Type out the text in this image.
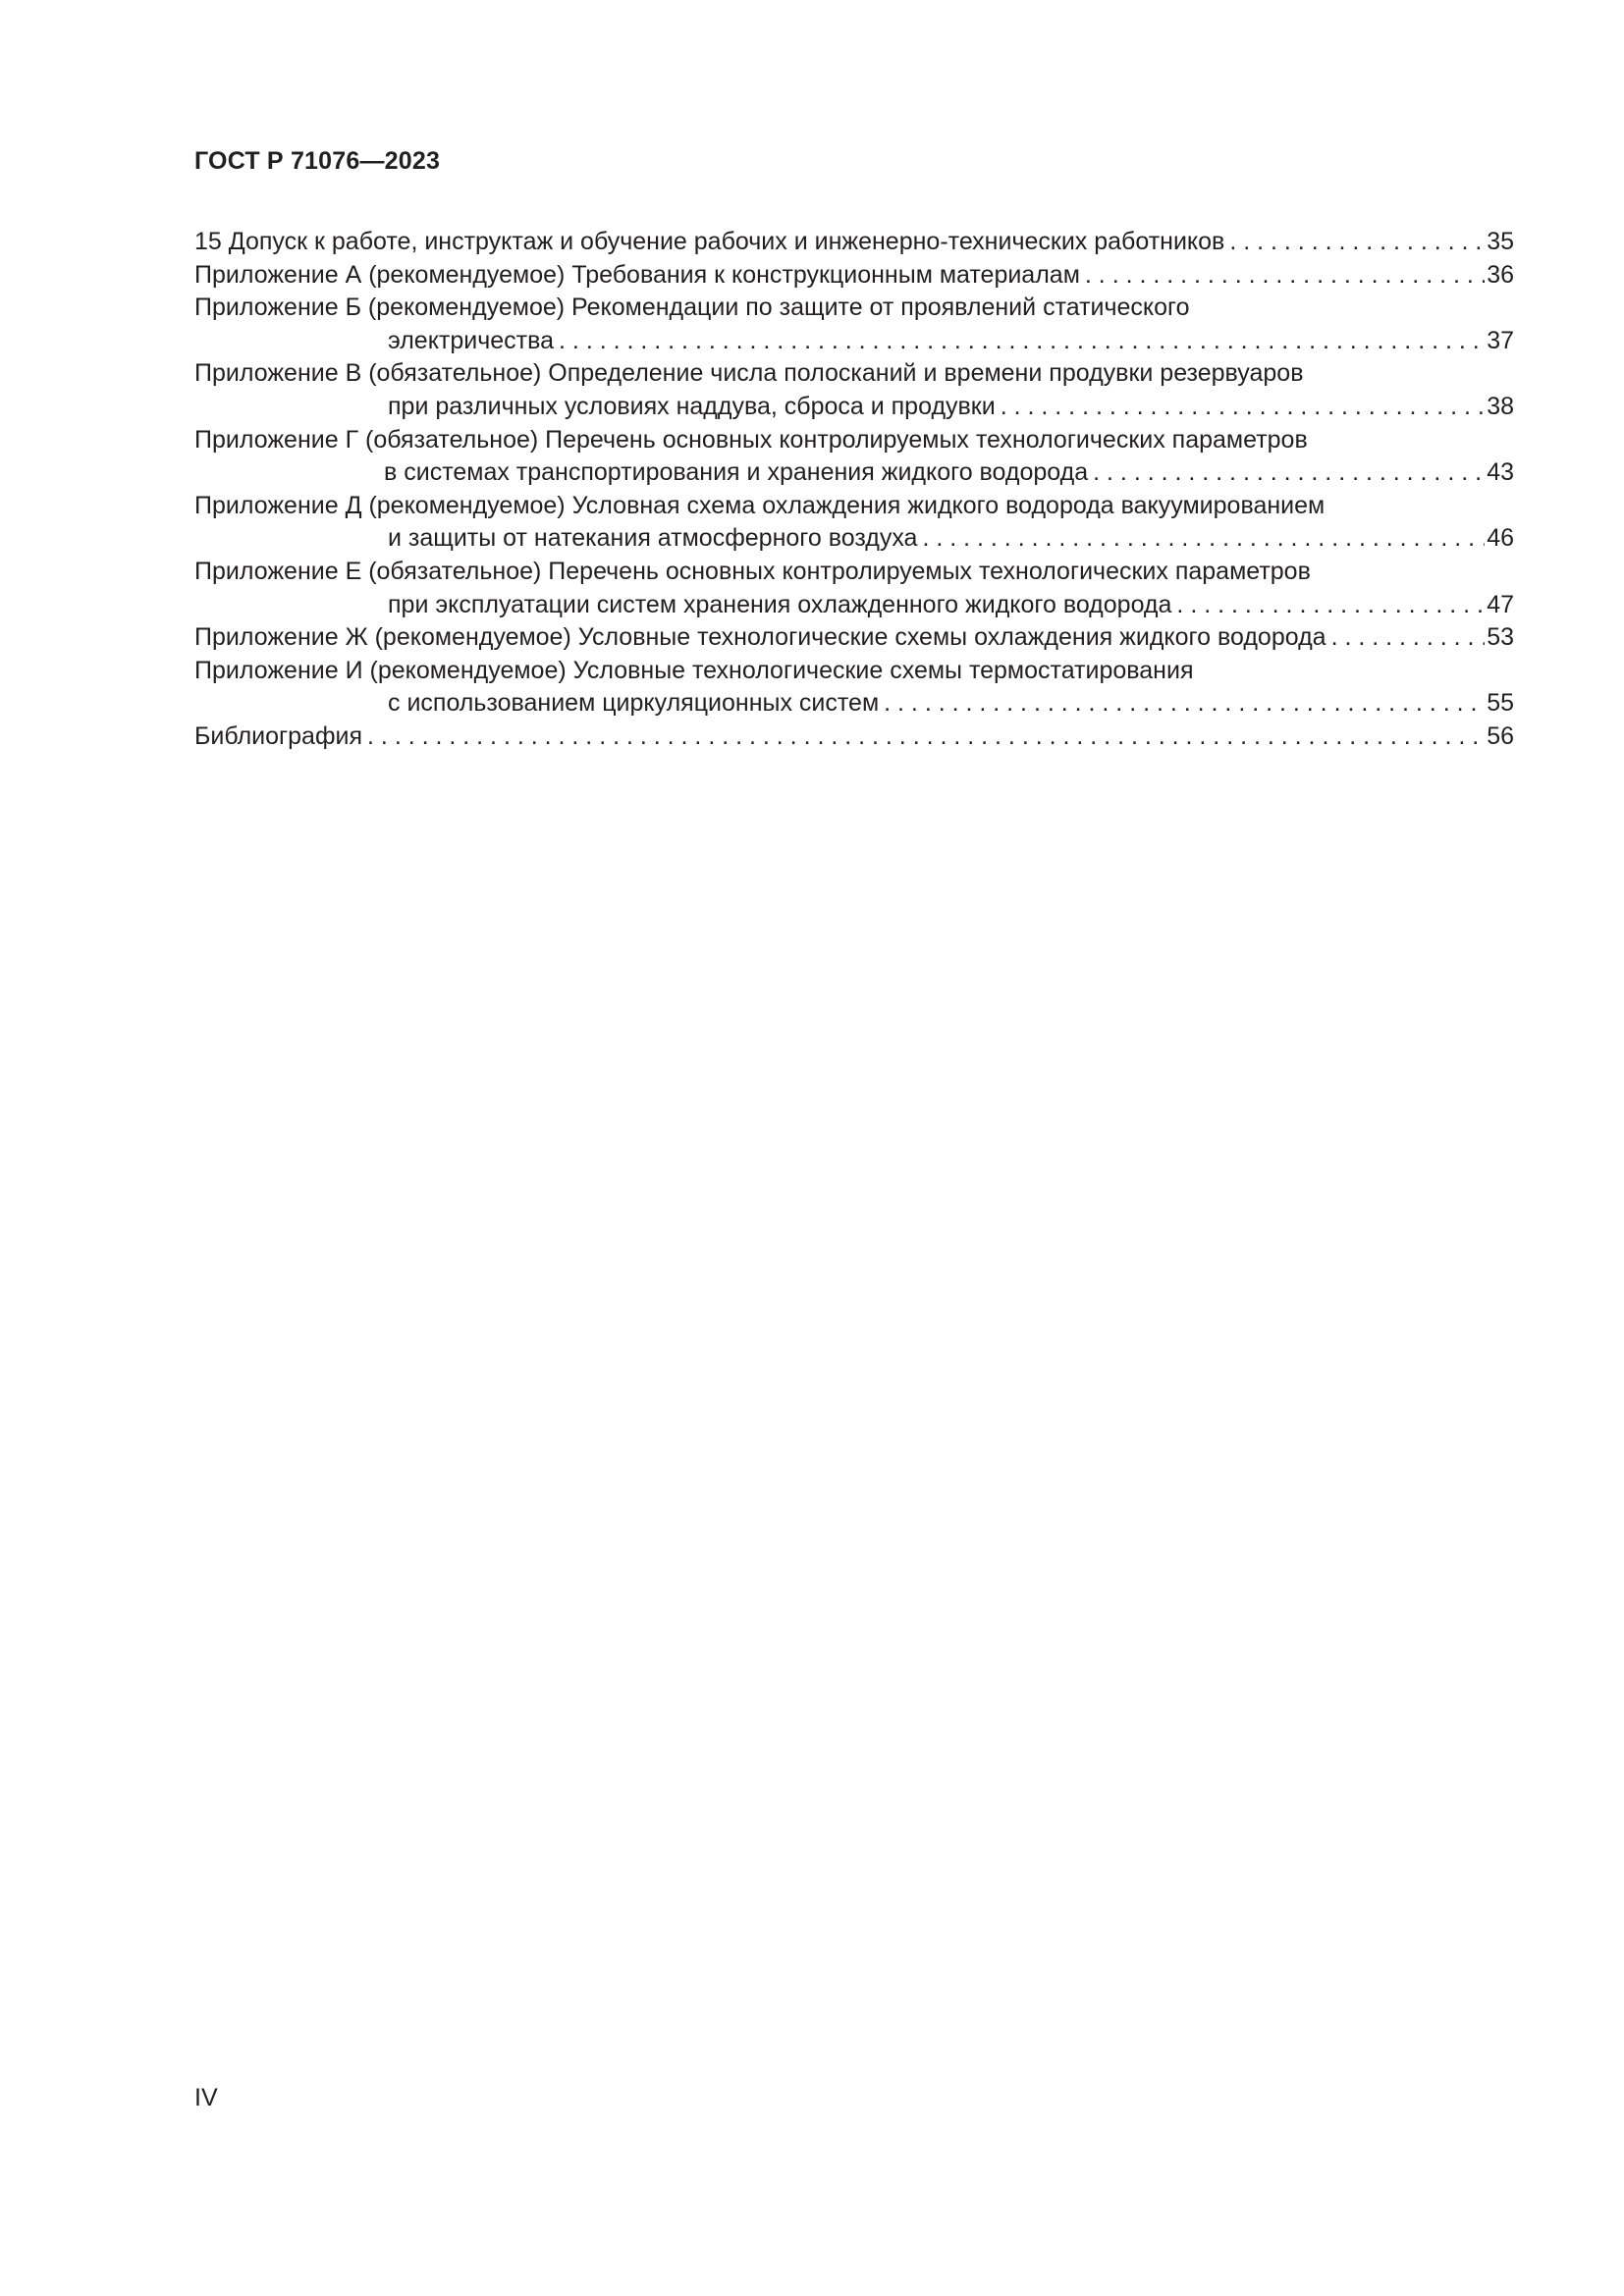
ГОСТ Р 71076—2023
15 Допуск к работе, инструктаж и обучение рабочих и инженерно-технических работников . . .	35
Приложение А (рекомендуемое) Требования к конструкционным материалам . . .	36
Приложение Б (рекомендуемое) Рекомендации по защите от проявлений статического
электричества . . .	37
Приложение В (обязательное) Определение числа полосканий и времени продувки резервуаров
при различных условиях наддува, сброса и продувки . . .	38
Приложение Г (обязательное) Перечень основных контролируемых технологических параметров
в системах транспортирования и хранения жидкого водорода . . .	43
Приложение Д (рекомендуемое) Условная схема охлаждения жидкого водорода вакуумированием
и защиты от натекания атмосферного воздуха . . .	46
Приложение Е (обязательное) Перечень основных контролируемых технологических параметров
при эксплуатации систем хранения охлажденного жидкого водорода . . .	47
Приложение Ж (рекомендуемое) Условные технологические схемы охлаждения жидкого водорода . . .	53
Приложение И (рекомендуемое) Условные технологические схемы термостатирования
с использованием циркуляционных систем . . .	55
Библиография . . .	56
IV
